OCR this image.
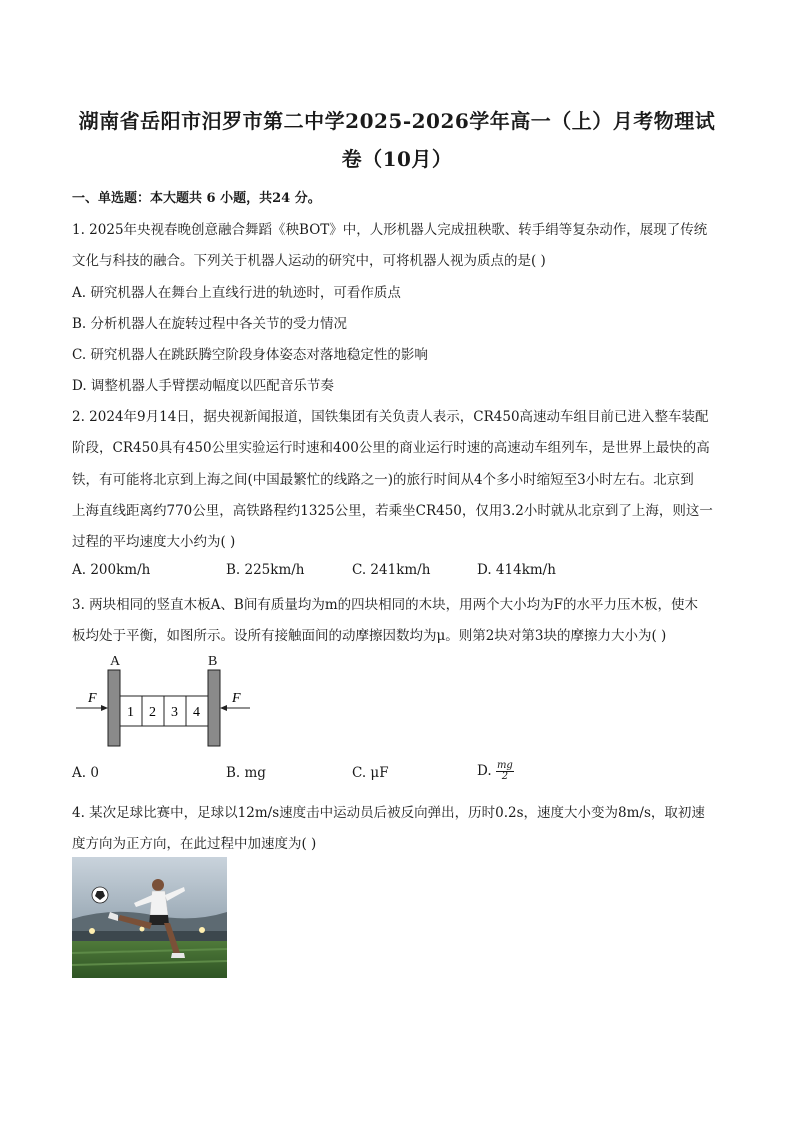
湖南省岳阳市汨罗市第二中学2025-2026学年高一（上）月考物理试
卷（10月）
一、单选题：本大题共 6 小题，共24 分。
1. 2025年央视春晚创意融合舞蹈《秧BOT》中，人形机器人完成扭秧歌、转手绢等复杂动作，展现了传统
文化与科技的融合。下列关于机器人运动的研究中，可将机器人视为质点的是( )
A. 研究机器人在舞台上直线行进的轨迹时，可看作质点
B. 分析机器人在旋转过程中各关节的受力情况
C. 研究机器人在跳跃腾空阶段身体姿态对落地稳定性的影响
D. 调整机器人手臂摆动幅度以匹配音乐节奏
2. 2024年9月14日，据央视新闻报道，国铁集团有关负责人表示，CR450高速动车组目前已进入整车装配
阶段，CR450具有450公里实验运行时速和400公里的商业运行时速的高速动车组列车，是世界上最快的高
铁，有可能将北京到上海之间(中国最繁忙的线路之一)的旅行时间从4个多小时缩短至3小时左右。北京到
上海直线距离约770公里，高铁路程约1325公里，若乘坐CR450，仅用3.2小时就从北京到了上海，则这一
过程的平均速度大小约为( )
A. 200km/h	B. 225km/h	C. 241km/h	D. 414km/h
3. 两块相同的竖直木板A、B间有质量均为m的四块相同的木块，用两个大小均为F的水平力压木板，使木
板均处于平衡，如图所示。设所有接触面间的动摩擦因数均为μ。则第2块对第3块的摩擦力大小为( )
A	B
1 2 3 4
F	F
A. 0	B. mg	C. μF	D. $\frac{mg}{2}$
4. 某次足球比赛中，足球以12m/s速度击中运动员后被反向弹出，历时0.2s，速度大小变为8m/s，取初速
度方向为正方向，在此过程中加速度为( )
